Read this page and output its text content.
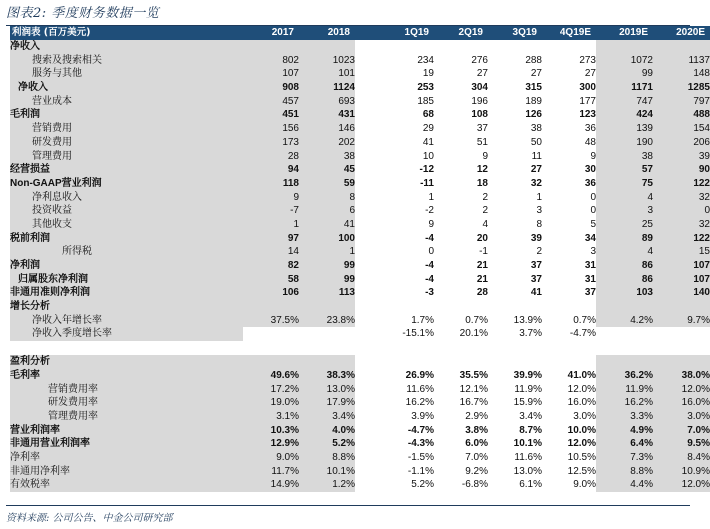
图表2: 季度财务数据一览
利润表 (百万美元)	2017	2018		1Q19	2Q19	3Q19	4Q19E	2019E	2020E
净收入									
搜索及搜索相关	802	1023		234	276	288	273	1072	1137
服务与其他	107	101		19	27	27	27	99	148
净收入	908	1124		253	304	315	300	1171	1285
营业成本	457	693		185	196	189	177	747	797
毛利润	451	431		68	108	126	123	424	488
营销费用	156	146		29	37	38	36	139	154
研发费用	173	202		41	51	50	48	190	206
管理费用	28	38		10	9	11	9	38	39
经营损益	94	45		-12	12	27	30	57	90
Non-GAAP营业利润	118	59		-11	18	32	36	75	122
净利息收入	9	8		1	2	1	0	4	32
投资收益	-7	6		-2	2	3	0	3	0
其他收支	1	41		9	4	8	5	25	32
税前利润	97	100		-4	20	39	34	89	122
所得税	14	1		0	-1	2	3	4	15
净利润	82	99		-4	21	37	31	86	107
归属股东净利润	58	99		-4	21	37	31	86	107
非通用准则净利润	106	113		-3	28	41	37	103	140
增长分析									
净收入年增长率	37.5%	23.8%		1.7%	0.7%	13.9%	0.7%	4.2%	9.7%
净收入季度增长率				-15.1%	20.1%	3.7%	-4.7%		

盈利分析									
毛利率	49.6%	38.3%		26.9%	35.5%	39.9%	41.0%	36.2%	38.0%
营销费用率	17.2%	13.0%		11.6%	12.1%	11.9%	12.0%	11.9%	12.0%
研发费用率	19.0%	17.9%		16.2%	16.7%	15.9%	16.0%	16.2%	16.0%
管理费用率	3.1%	3.4%		3.9%	2.9%	3.4%	3.0%	3.3%	3.0%
营业利润率	10.3%	4.0%		-4.7%	3.8%	8.7%	10.0%	4.9%	7.0%
非通用营业利润率	12.9%	5.2%		-4.3%	6.0%	10.1%	12.0%	6.4%	9.5%
净利率	9.0%	8.8%		-1.5%	7.0%	11.6%	10.5%	7.3%	8.4%
非通用净利率	11.7%	10.1%		-1.1%	9.2%	13.0%	12.5%	8.8%	10.9%
有效税率	14.9%	1.2%		5.2%	-6.8%	6.1%	9.0%	4.4%	12.0%
资料来源: 公司公告、中金公司研究部
